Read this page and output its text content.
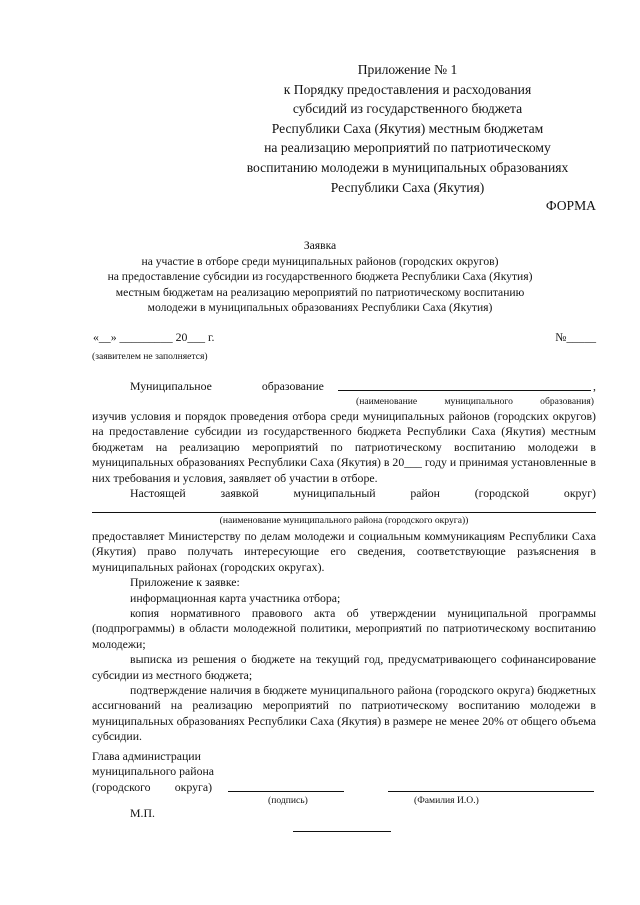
Приложение № 1
к Порядку предоставления и расходования
субсидий из государственного бюджета
Республики Саха (Якутия) местным бюджетам
на реализацию мероприятий по патриотическому
воспитанию молодежи в муниципальных образованиях
Республики Саха (Якутия)
ФОРМА
Заявка
на участие в отборе среди муниципальных районов (городских округов)
на предоставление субсидии из государственного бюджета Республики Саха (Якутия)
местным бюджетам на реализацию мероприятий по патриотическому воспитанию
молодежи в муниципальных образованиях Республики Саха (Якутия)
«__» _________ 20___ г.	№_____
(заявителем не заполняется)
Муниципальное	образование	,
(наименование	муниципального	образования)
изучив условия и порядок проведения отбора среди муниципальных районов (городских округов) на предоставление субсидии из государственного бюджета Республики Саха (Якутия) местным бюджетам на реализацию мероприятий по патриотическому воспитанию молодежи в муниципальных образованиях Республики Саха (Якутия) в 20___ году и принимая установленные в них требования и условия, заявляет об участии в отборе.
Настоящей	заявкой	муниципальный	район	(городской	округ)
(наименование муниципального района (городского округа))
предоставляет Министерству по делам молодежи и социальным коммуникациям Республики Саха (Якутия) право получать интересующие его сведения, соответствующие разъяснения в муниципальных районах (городских округах).
Приложение к заявке:
информационная карта участника отбора;
копия нормативного правового акта об утверждении муниципальной программы (подпрограммы) в области молодежной политики, мероприятий по патриотическому воспитанию молодежи;
выписка из решения о бюджете на текущий год, предусматривающего софинансирование субсидии из местного бюджета;
подтверждение наличия в бюджете муниципального района (городского округа) бюджетных ассигнований на реализацию мероприятий по патриотическому воспитанию молодежи в муниципальных образованиях Республики Саха (Якутия) в размере не менее 20% от общего объема субсидии.
Глава администрации
муниципального района
(городского округа)
(подпись)	(Фамилия И.О.)
М.П.
